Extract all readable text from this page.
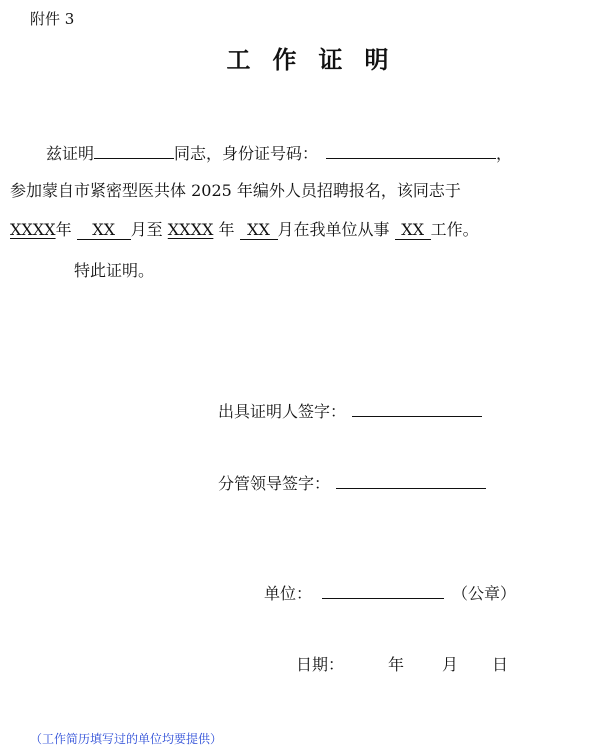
附件 3
工作证明
兹证明	同志，身份证号码：	，
参加蒙自市紧密型医共体 2025 年编外人员招聘报名，该同志于
XXXX年 XX 月至 XXXX 年 XX 月在我单位从事 XX 工作。
特此证明。
出具证明人签字：
分管领导签字：
单位：	（公章）
日期：	年 月 日
（工作简历填写过的单位均要提供）
